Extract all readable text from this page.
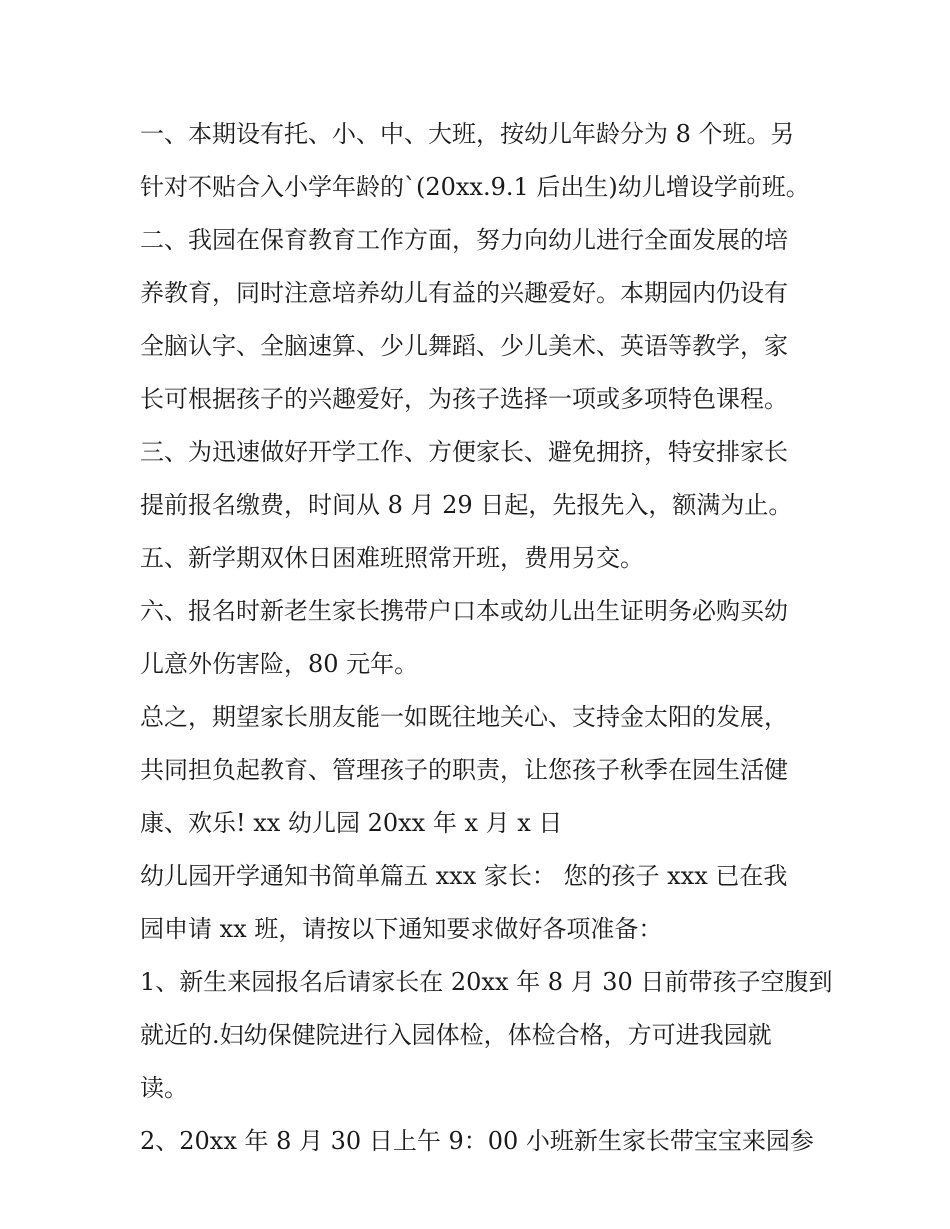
一、本期设有托、小、中、大班，按幼儿年龄分为 8 个班。另
针对不贴合入小学年龄的`(20xx.9.1 后出生)幼儿增设学前班。
二、我园在保育教育工作方面，努力向幼儿进行全面发展的培
养教育，同时注意培养幼儿有益的兴趣爱好。本期园内仍设有
全脑认字、全脑速算、少儿舞蹈、少儿美术、英语等教学，家
长可根据孩子的兴趣爱好，为孩子选择一项或多项特色课程。
三、为迅速做好开学工作、方便家长、避免拥挤，特安排家长
提前报名缴费，时间从 8 月 29 日起，先报先入，额满为止。
五、新学期双休日困难班照常开班，费用另交。
六、报名时新老生家长携带户口本或幼儿出生证明务必购买幼
儿意外伤害险，80 元年。
总之，期望家长朋友能一如既往地关心、支持金太阳的发展，
共同担负起教育、管理孩子的职责，让您孩子秋季在园生活健
康、欢乐! xx 幼儿园 20xx 年 x 月 x 日
幼儿园开学通知书简单篇五 xxx 家长： 您的孩子 xxx 已在我
园申请 xx 班，请按以下通知要求做好各项准备：
1、新生来园报名后请家长在 20xx 年 8 月 30 日前带孩子空腹到
就近的.妇幼保健院进行入园体检，体检合格，方可进我园就
读。
2、20xx 年 8 月 30 日上午 9：00 小班新生家长带宝宝来园参
